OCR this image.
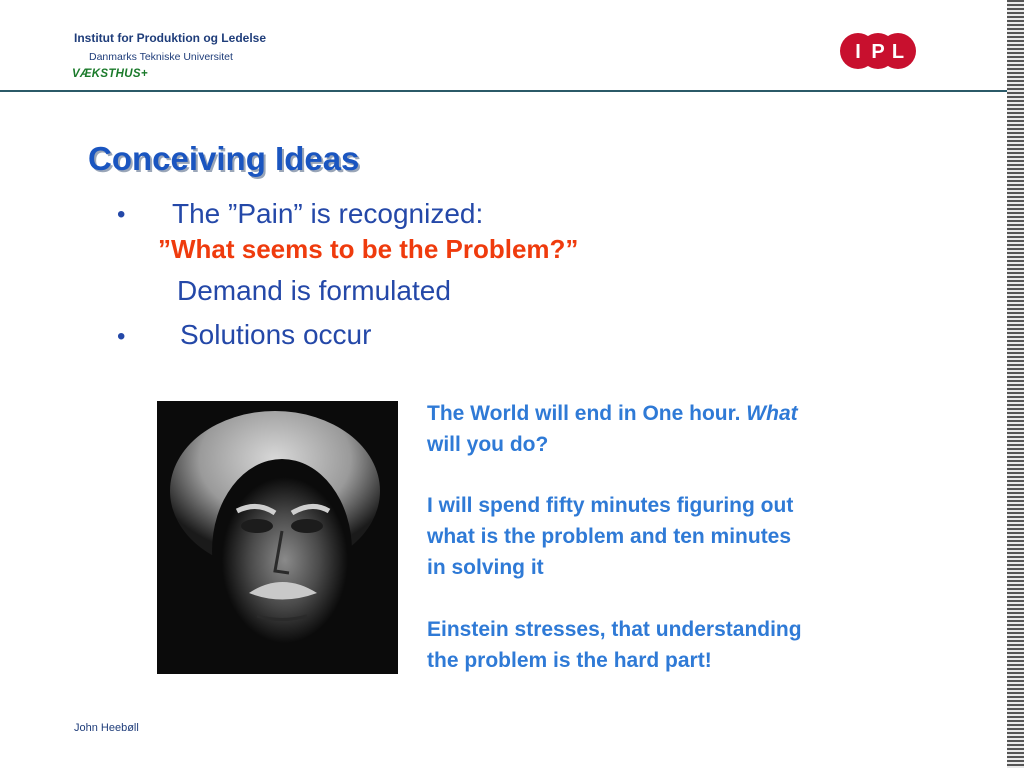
Institut for Produktion og Ledelse
Danmarks Tekniske Universitet
VÆKSTHUS+
I P L
Conceiving Ideas
• The ”Pain” is recognized:
”What seems to be the Problem?”
Demand is formulated
• Solutions occur
The World will end in One hour. What
will you do?
I will spend fifty minutes figuring out
what is the problem and ten minutes
in solving it
Einstein stresses, that understanding
the problem is the hard part!
John Heebøll
